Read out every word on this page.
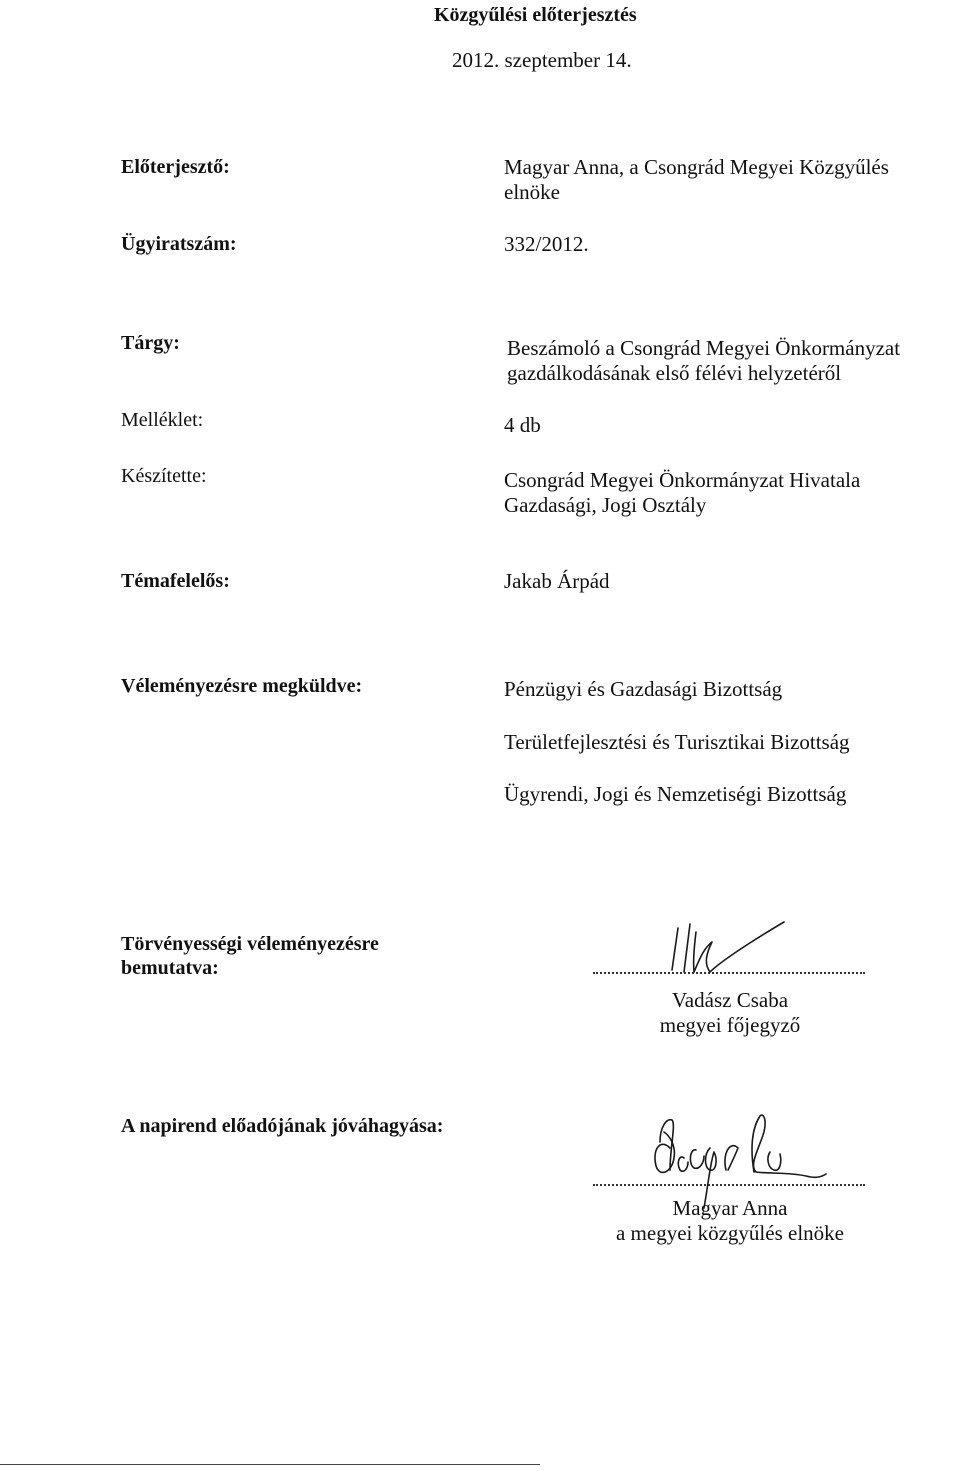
Közgyűlési előterjesztés
2012. szeptember 14.
Előterjesztő:	Magyar Anna, a Csongrád Megyei Közgyűlés
elnöke
Ügyiratszám:	332/2012.
Tárgy:	Beszámoló a Csongrád Megyei Önkormányzat
gazdálkodásának első félévi helyzetéről
Melléklet:	4 db
Készítette:	Csongrád Megyei Önkormányzat Hivatala
Gazdasági, Jogi Osztály
Témafelelős:	Jakab Árpád
Véleményezésre megküldve:	Pénzügyi és Gazdasági Bizottság
Területfejlesztési és Turisztikai Bizottság
Ügyrendi, Jogi és Nemzetiségi Bizottság
Törvényességi véleményezésre
bemutatva:
Vadász Csaba
megyei főjegyző
A napirend előadójának jóváhagyása:
Magyar Anna
a megyei közgyűlés elnöke
